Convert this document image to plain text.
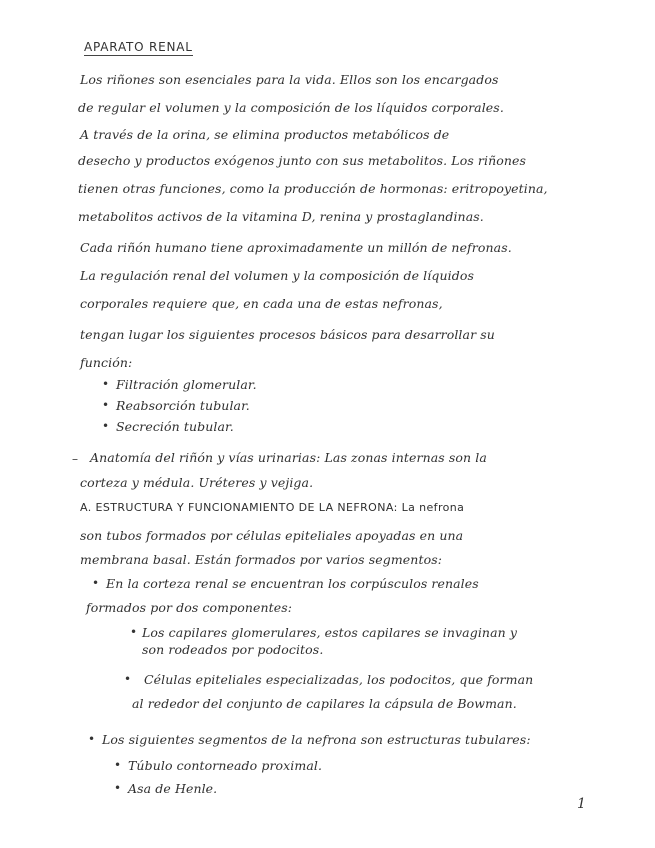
APARATO RENAL
Los riñones son esenciales para la vida. Ellos son los encargados
de regular el volumen y la composición de los líquidos corporales.
A través de la orina, se elimina productos metabólicos de
desecho y productos exógenos junto con sus metabolitos. Los riñones
tienen otras funciones, como la producción de hormonas: eritropoyetina,
metabolitos activos de la vitamina D, renina y prostaglandinas.
Cada riñón humano tiene aproximadamente un millón de nefronas.
La regulación renal del volumen y la composición de líquidos
corporales requiere que, en cada una de estas nefronas,
tengan lugar los siguientes procesos básicos para desarrollar su
función:
• Filtración glomerular.
• Reabsorción tubular.
• Secreción tubular.
– Anatomía del riñón y vías urinarias: Las zonas internas son la
corteza y médula. Uréteres y vejiga.
A. ESTRUCTURA Y FUNCIONAMIENTO DE LA NEFRONA: La nefrona
son tubos formados por células epiteliales apoyadas en una
membrana basal. Están formados por varios segmentos:
• En la corteza renal se encuentran los corpúsculos renales
formados por dos componentes:
• Los capilares glomerulares, estos capilares se invaginan y
son rodeados por podocitos.
• Células epiteliales especializadas, los podocitos, que forman
al rededor del conjunto de capilares la cápsula de Bowman.
• Los siguientes segmentos de la nefrona son estructuras tubulares:
• Túbulo contorneado proximal.
• Asa de Henle.
1
